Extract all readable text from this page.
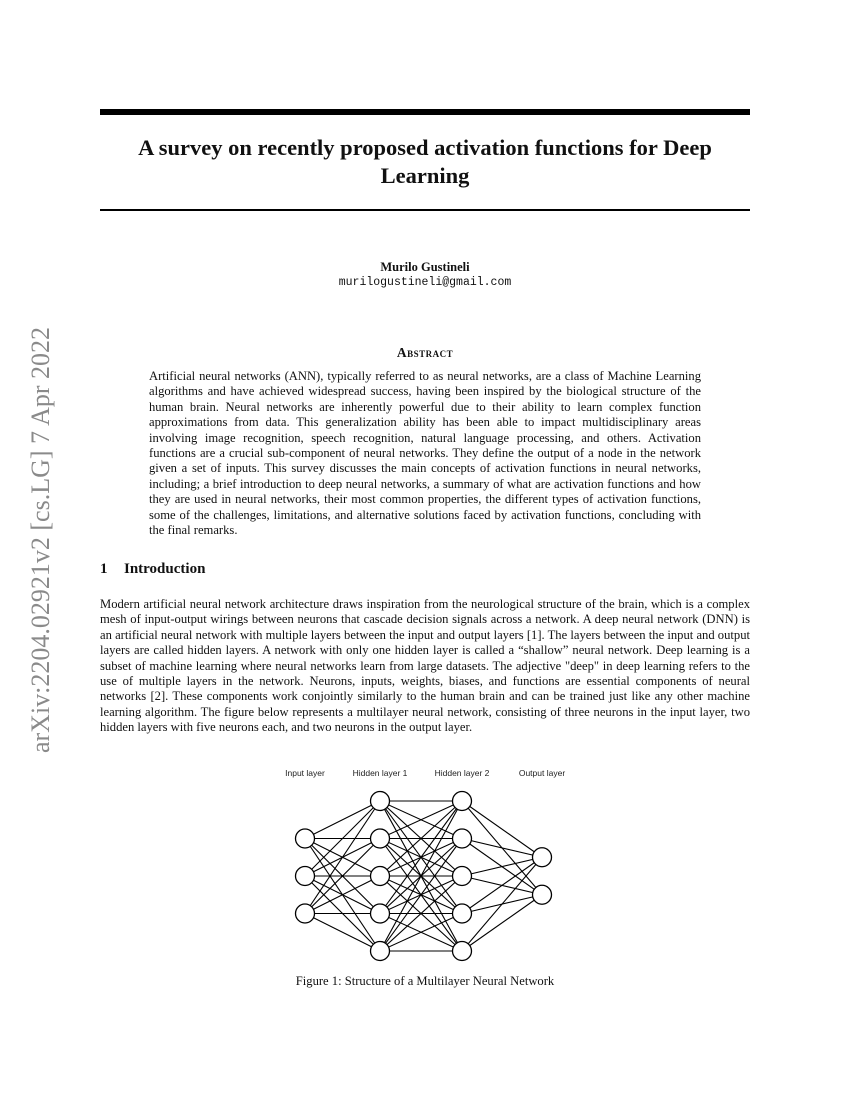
arXiv:2204.02921v2 [cs.LG] 7 Apr 2022
A survey on recently proposed activation functions for Deep Learning

Murilo Gustineli

murilogustineli@gmail.com

Abstract

Artificial neural networks (ANN), typically referred to as neural networks, are a class of Machine Learning algorithms and have achieved widespread success, having been inspired by the biological structure of the human brain. Neural networks are inherently powerful due to their ability to learn complex function approximations from data. This generalization ability has been able to impact multidisciplinary areas involving image recognition, speech recognition, natural language processing, and others. Activation functions are a crucial sub-component of neural networks. They define the output of a node in the network given a set of inputs. This survey discusses the main concepts of activation functions in neural networks, including; a brief introduction to deep neural networks, a summary of what are activation functions and how they are used in neural networks, their most common properties, the different types of activation functions, some of the challenges, limitations, and alternative solutions faced by activation functions, concluding with the final remarks.

1 Introduction

Modern artificial neural network architecture draws inspiration from the neurological structure of the brain, which is a complex mesh of input-output wirings between neurons that cascade decision signals across a network. A deep neural network (DNN) is an artificial neural network with multiple layers between the input and output layers [1]. The layers between the input and output layers are called hidden layers. A network with only one hidden layer is called a “shallow” neural network. Deep learning is a subset of machine learning where neural networks learn from large datasets. The adjective "deep" in deep learning refers to the use of multiple layers in the network. Neurons, inputs, weights, biases, and functions are essential components of neural networks [2]. These components work conjointly similarly to the human brain and can be trained just like any other machine learning algorithm. The figure below represents a multilayer neural network, consisting of three neurons in the input layer, two hidden layers with five neurons each, and two neurons in the output layer.

Input layer	Hidden layer 1	Hidden layer 2	Output layer

Figure 1: Structure of a Multilayer Neural Network
